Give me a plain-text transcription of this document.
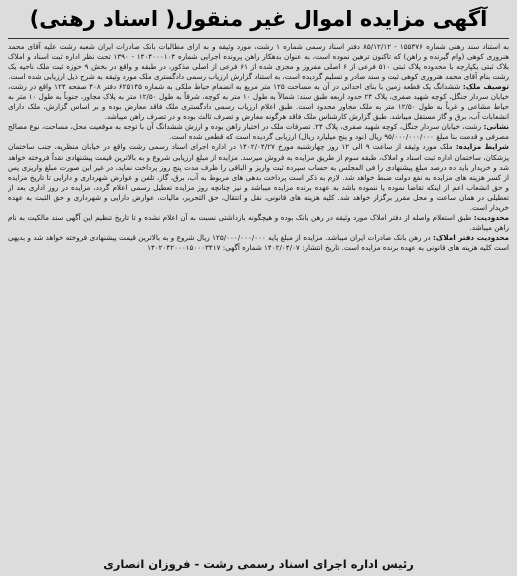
آگهی مزایده اموال غیر منقول( اسناد رهنی)

به استناد سند رهنی شماره ۱۵۵۳۷۶ - ۸۵/۱۲/۱۲ دفتر اسناد رسمی شماره ۱ رشت، مورد وثیقه و به ازای مطالبات بانک صادرات ایران شعبه رشت علیه آقای محمد هنروری کوهی (وام گیرنده و راهن) که تاکنون ترهین نموده است، به عنوان بدهکار راهن پرونده اجرایی شماره ۱۴۰۴۰۰۰۱۰۴ - ۱۳۹۰ تحت نظر اداره ثبت اسناد و املاک بلاک ثبتی یکپارچه با محدوده پلاک ثبتی ۵۱۰ فرعی از ۶ اصلی مفروز و مجزی شده از ۶۱ فرعی از اصلی مذکور، در طبقه و واقع در بخش ۹ حوزه ثبت ملک ناحیه یک رشت بنام آقای محمد هنروری کوهی ثبت و سند صادر و تسلیم گردیده است، به استناد گزارش ارزیاب رسمی دادگستری ملک مورد وثیقه به شرح ذیل ارزیابی شده است.

توصیف ملک: ششدانگ یک قطعه زمین با بنای احداثی در آن به مساحت ۱۲۵ متر مربع به انضمام حیاط ملکی به شماره ۶۲۵۱۴۵ دفتر ۴۰۸ صفحه ۱۲۴ واقع در رشت، خیابان سردار جنگل، کوچه شهید صفری، پلاک ۲۴ حدود اربعه طبق سند: شمالاً به طول ۱۰ متر به کوچه، شرقاً به طول ۱۲/۵۰ متر به پلاک مجاور، جنوباً به طول ۱۰ متر به حیاط مشاعی و غرباً به طول ۱۲/۵۰ متر به ملک مجاور محدود است. طبق اعلام ارزیاب رسمی دادگستری ملک فاقد معارض بوده و بر اساس گزارش، ملک دارای انشعابات آب، برق و گاز مستقل میباشد. طبق گزارش کارشناس ملک فاقد هرگونه معارض و تصرف ثالث بوده و در تصرف راهن میباشد.

نشانی: رشت، خیابان سردار جنگل، کوچه شهید صفری، پلاک ۲۴. تصرفات ملک در اختیار راهن بوده و ارزش ششدانگ آن با توجه به موقعیت محل، مساحت، نوع مصالح مصرفی و قدمت بنا مبلغ ۹۵/۰۰۰/۰۰۰/۰۰۰ ریال (نود و پنج میلیارد ریال) ارزیابی گردیده است که قطعی شده است.

شرایط مزایده: ملک مورد وثیقه از ساعت ۹ الی ۱۲ روز چهارشنبه مورخ ۱۴۰۲/۰۴/۲۷ در اداره اجرای اسناد رسمی رشت واقع در خیابان منظریه، جنب ساختمان پزشکان، ساختمان اداره ثبت اسناد و املاک، طبقه سوم از طریق مزایده به فروش میرسد. مزایده از مبلغ ارزیابی شروع و به بالاترین قیمت پیشنهادی نقداً فروخته خواهد شد و خریدار باید ده درصد مبلغ پیشنهادی را فی المجلس به حساب سپرده ثبت واریز و الباقی را ظرف مدت پنج روز پرداخت نماید، در غیر این صورت مبلغ واریزی پس از کسر هزینه های مزایده به نفع دولت ضبط خواهد شد. لازم به ذکر است پرداخت بدهی های مربوط به آب، برق، گاز، تلفن و عوارض شهرداری و دارایی تا تاریخ مزایده و حق انشعاب اعم از اینکه تقاضا نموده یا ننموده باشد به عهده برنده مزایده میباشد و نیز چنانچه روز مزایده تعطیل رسمی اعلام گردد، مزایده در روز اداری بعد از تعطیلی در همان ساعت و محل مقرر برگزار خواهد شد. کلیه هزینه های قانونی، نقل و انتقال، حق التحریر، مالیات، عوارض دارایی و شهرداری و حق الثبت به عهده خریدار است.

محدودیت: طبق استعلام واصله از دفتر املاک مورد وثیقه در رهن بانک بوده و هیچگونه بازداشتی نسبت به آن اعلام نشده و تا تاریخ تنظیم این آگهی سند مالکیت به نام راهن میباشد.

محدودیت دفتر املاک: در رهن بانک صادرات ایران میباشد. مزایده از مبلغ پایه ۱۲۵/۰۰۰/۰۰۰/۰۰۰ ریال شروع و به بالاترین قیمت پیشنهادی فروخته خواهد شد و بدیهی است کلیه هزینه های قانونی به عهده برنده مزایده است. تاریخ انتشار: ۱۴۰۲/۰۴/۰۷ شماره آگهی: ۱۴۰۲۰۴۲۰۰۰۱۵۰۰۰۳۴۱۷

رئیس اداره اجرای اسناد رسمی رشت - فروزان انصاری
